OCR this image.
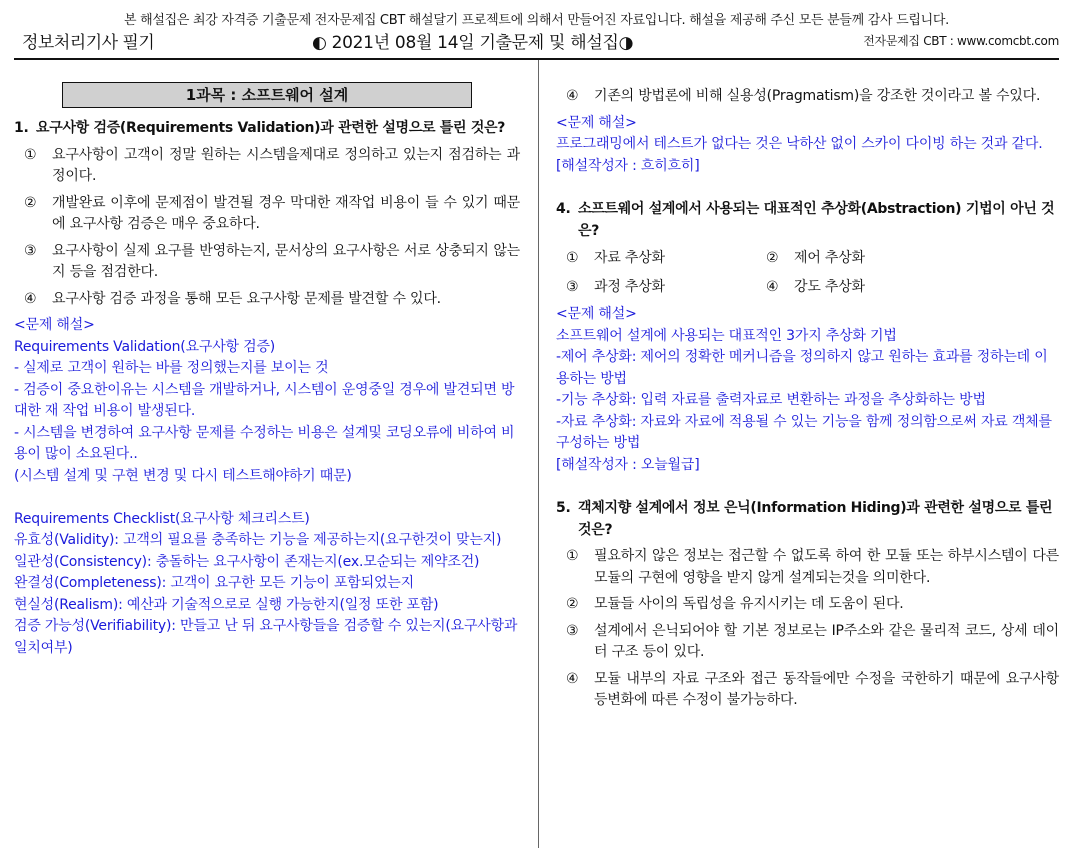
본 해설집은 최강 자격증 기출문제 전자문제집 CBT 해설달기 프로젝트에 의해서 만들어진 자료입니다. 해설을 제공해 주신 모든 분들께 감사 드립니다.
정보처리기사 필기	◐ 2021년 08월 14일 기출문제 및 해설집◑	전자문제집 CBT : www.comcbt.com
1과목 : 소프트웨어 설계
1. 요구사항 검증(Requirements Validation)과 관련한 설명으로 틀린 것은?
①	요구사항이 고객이 정말 원하는 시스템을제대로 정의하고 있는지 점검하는 과정이다.
②	개발완료 이후에 문제점이 발견될 경우 막대한 재작업 비용이 들 수 있기 때문에 요구사항 검증은 매우 중요하다.
③	요구사항이 실제 요구를 반영하는지, 문서상의 요구사항은 서로 상충되지 않는지 등을 점검한다.
④	요구사항 검증 과정을 통해 모든 요구사항 문제를 발견할 수 있다.
<문제 해설>
Requirements Validation(요구사항 검증)
- 실제로 고객이 원하는 바를 정의했는지를 보이는 것
- 검증이 중요한이유는 시스템을 개발하거나, 시스템이 운영중일 경우에 발견되면 방대한 재 작업 비용이 발생된다.
- 시스템을 변경하여 요구사항 문제를 수정하는 비용은 설계및 코딩오류에 비하여 비용이 많이 소요된다..
(시스템 설계 및 구현 변경 및 다시 테스트해야하기 때문)
Requirements Checklist(요구사항 체크리스트)
유효성(Validity): 고객의 필요를 충족하는 기능을 제공하는지(요구한것이 맞는지)
일관성(Consistency): 충돌하는 요구사항이 존재는지(ex.모순되는 제약조건)
완결성(Completeness): 고객이 요구한 모든 기능이 포함되었는지
현실성(Realism): 예산과 기술적으로로 실행 가능한지(일정 또한 포함)
검증 가능성(Verifiability): 만들고 난 뒤 요구사항들을 검증할 수 있는지(요구사항과 일치여부)
④	기존의 방법론에 비해 실용성(Pragmatism)을 강조한 것이라고 볼 수있다.
<문제 해설>
프로그래밍에서 테스트가 없다는 것은 낙하산 없이 스카이 다이빙 하는 것과 같다.
[해설작성자 : 흐히흐히]
4. 소프트웨어 설계에서 사용되는 대표적인 추상화(Abstraction) 기법이 아닌 것은?
①	자료 추상화	②	제어 추상화
③	과정 추상화	④	강도 추상화
<문제 해설>
소프트웨어 설계에 사용되는 대표적인 3가지 추상화 기법
-제어 추상화: 제어의 정확한 메커니즘을 정의하지 않고 원하는 효과를 정하는데 이용하는 방법
-기능 추상화: 입력 자료를 출력자료로 변환하는 과정을 추상화하는 방법
-자료 추상화: 자료와 자료에 적용될 수 있는 기능을 함께 정의함으로써 자료 객체를 구성하는 방법
[해설작성자 : 오늘월급]
5. 객체지향 설계에서 정보 은닉(Information Hiding)과 관련한 설명으로 틀린 것은?
①	필요하지 않은 정보는 접근할 수 없도록 하여 한 모듈 또는 하부시스템이 다른 모듈의 구현에 영향을 받지 않게 설계되는것을 의미한다.
②	모듈들 사이의 독립성을 유지시키는 데 도움이 된다.
③	설계에서 은닉되어야 할 기본 정보로는 IP주소와 같은 물리적 코드, 상세 데이터 구조 등이 있다.
④	모듈 내부의 자료 구조와 접근 동작들에만 수정을 국한하기 때문에 요구사항 등변화에 따른 수정이 불가능하다.
